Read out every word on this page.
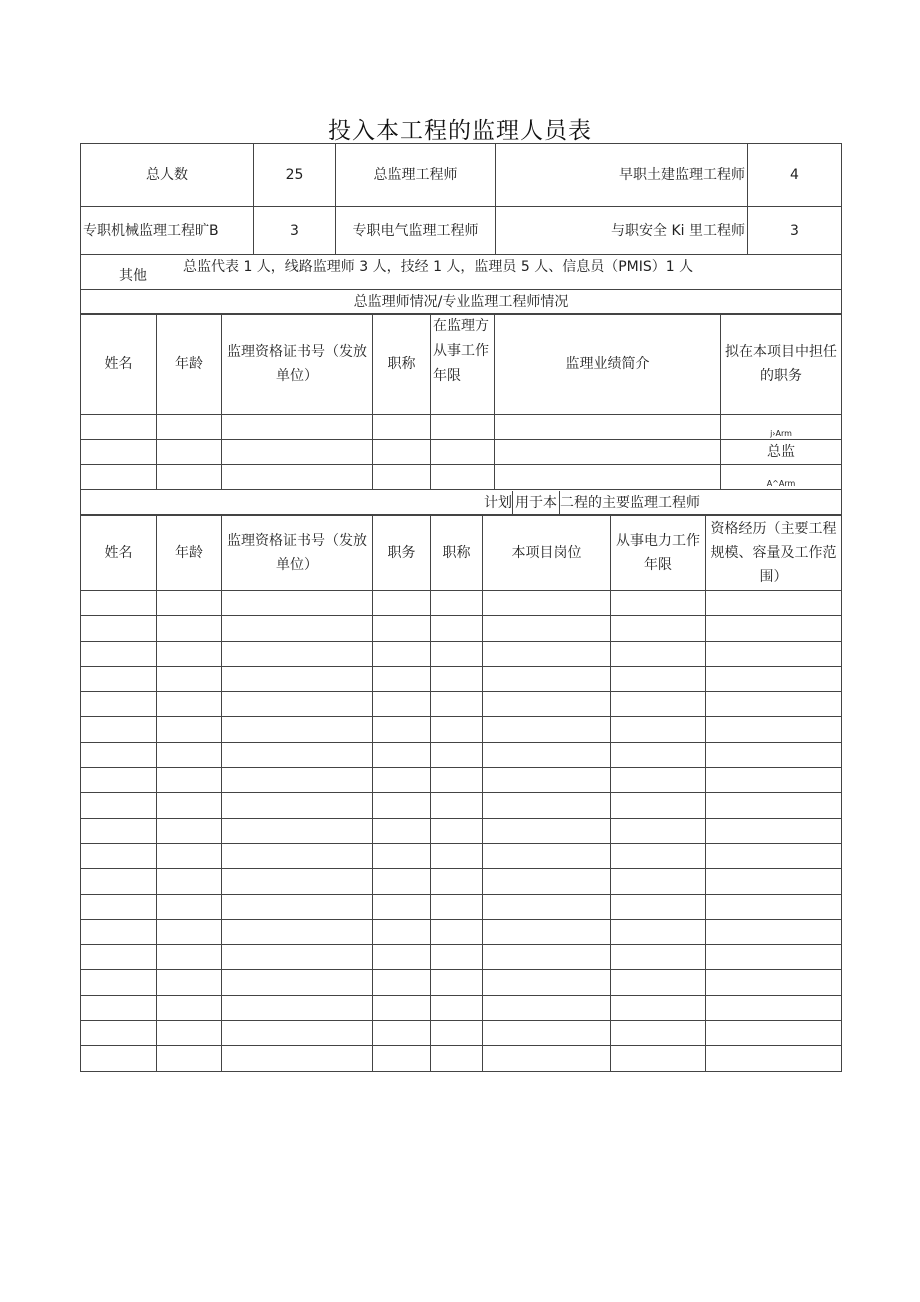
投入本工程的监理人员表
总人数	25	总监理工程师	早职土建监理工程师	4
专职机械监理工程旷B	3	专职电气监理工程师	与职安全 Ki 里工程师	3
其他总监代表 1 人，线路监理师 3 人，技经 1 人，监理员 5 人、信息员（PMIS）1 人				
总监理师情况/专业监理工程师情况				
姓名	年龄	监理资格证书号（发放单位）	职称	在监理方从事工作年限	监理业绩简介	拟在本项目中担任的职务
						j›Arm
						总监
						A^Arm
计划 用于本 二程的主要监理工程师						
姓名	年龄	监理资格证书号（发放单位）	职务	职称	本项目岗位	从事电力工作年限	资格经历（主要工程规模、容量及工作范围）
